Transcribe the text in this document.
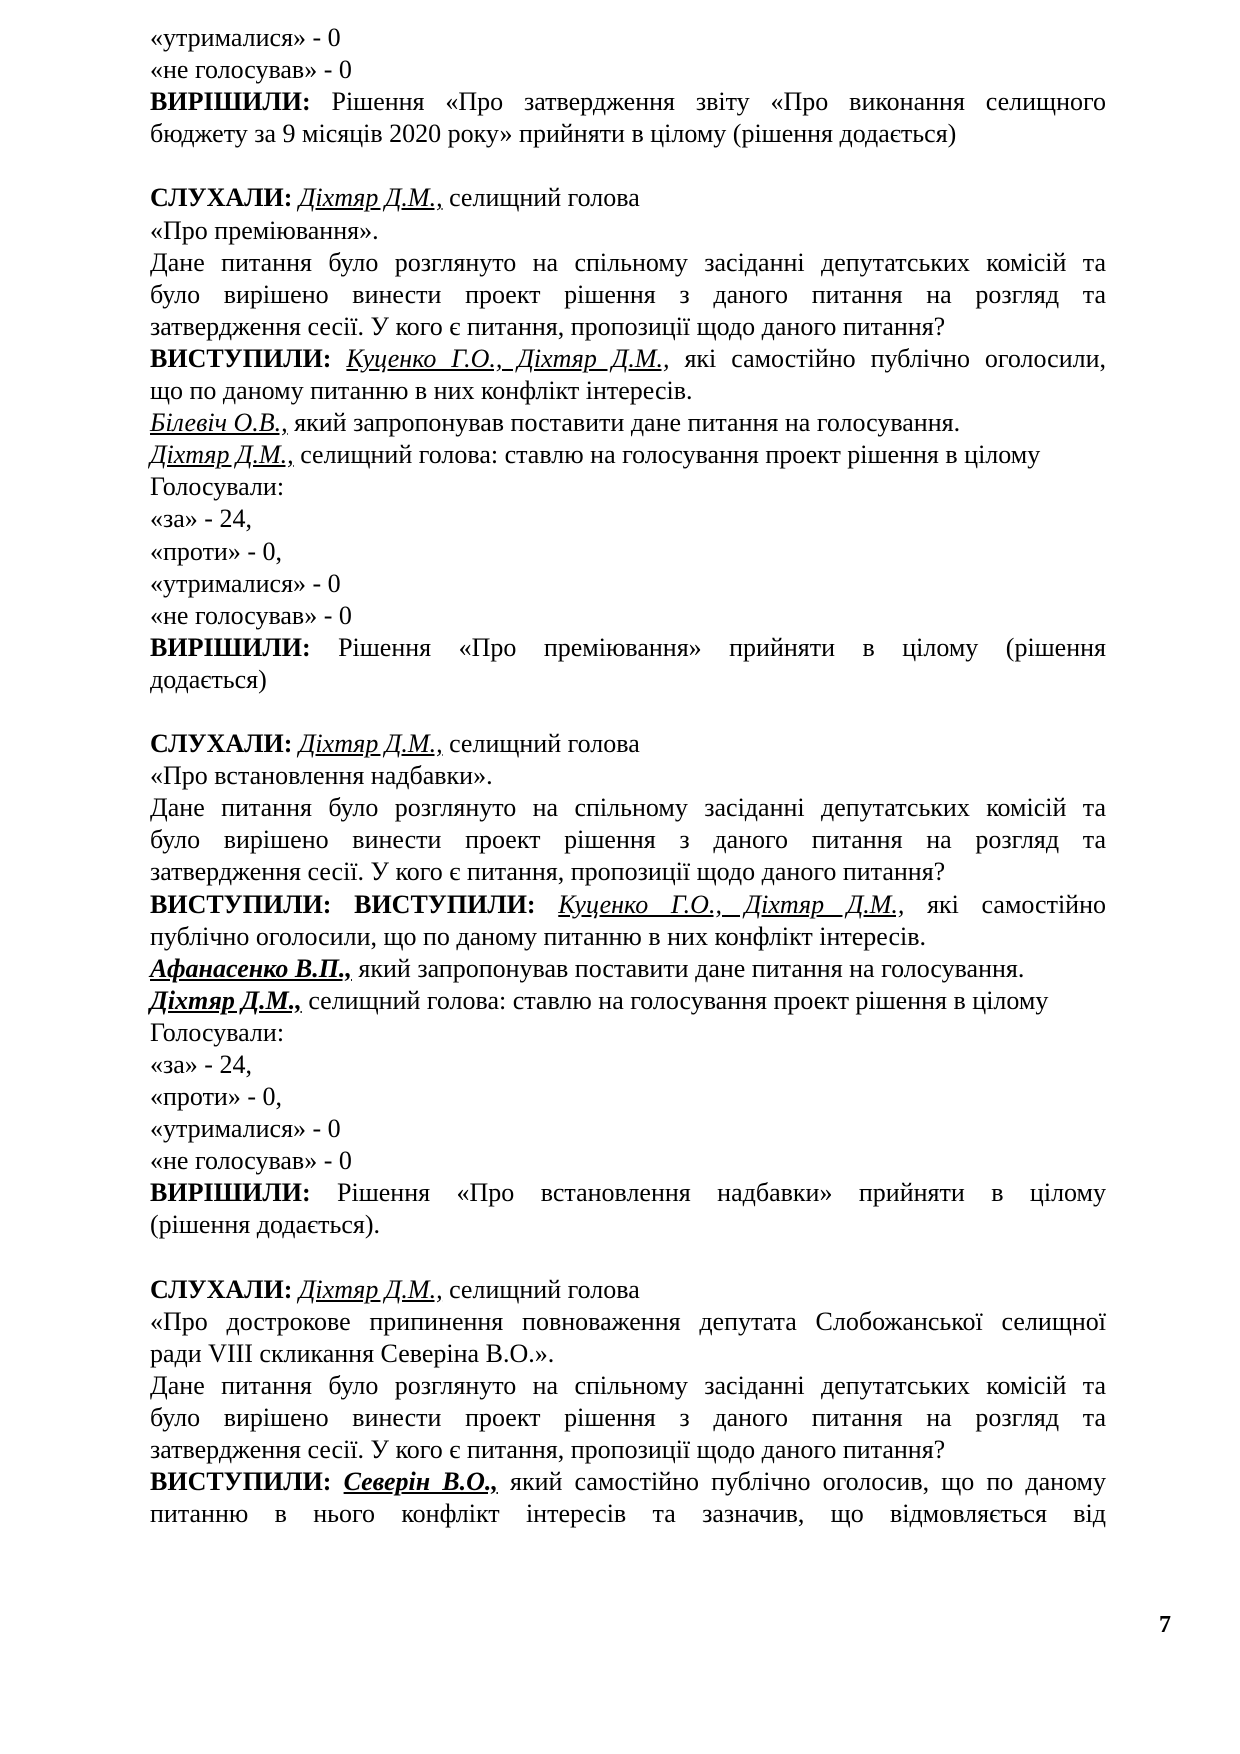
«утрималися» - 0
«не голосував» - 0
ВИРІШИЛИ: Рішення «Про затвердження звіту «Про виконання селищного
бюджету за 9 місяців 2020 року» прийняти в цілому (рішення додається)
СЛУХАЛИ: Діхтяр Д.М., селищний голова
«Про преміювання».
Дане питання було розглянуто на спільному засіданні депутатських комісій та
було вирішено винести проект рішення з даного питання на розгляд та
затвердження сесії. У кого є питання, пропозиції щодо даного питання?
ВИСТУПИЛИ: Куценко Г.О., Діхтяр Д.М., які самостійно публічно оголосили,
що по даному питанню в них конфлікт інтересів.
Білевіч О.В., який запропонував поставити дане питання на голосування.
Діхтяр Д.М., селищний голова: ставлю на голосування проект рішення в цілому
Голосували:
«за» - 24,
«проти» - 0,
«утрималися» - 0
«не голосував» - 0
ВИРІШИЛИ: Рішення «Про преміювання» прийняти в цілому (рішення
додається)
СЛУХАЛИ: Діхтяр Д.М., селищний голова
«Про встановлення надбавки».
Дане питання було розглянуто на спільному засіданні депутатських комісій та
було вирішено винести проект рішення з даного питання на розгляд та
затвердження сесії. У кого є питання, пропозиції щодо даного питання?
ВИСТУПИЛИ: ВИСТУПИЛИ: Куценко Г.О., Діхтяр Д.М., які самостійно
публічно оголосили, що по даному питанню в них конфлікт інтересів.
Афанасенко В.П., який запропонував поставити дане питання на голосування.
Діхтяр Д.М., селищний голова: ставлю на голосування проект рішення в цілому
Голосували:
«за» - 24,
«проти» - 0,
«утрималися» - 0
«не голосував» - 0
ВИРІШИЛИ: Рішення «Про встановлення надбавки» прийняти в цілому
(рішення додається).
СЛУХАЛИ: Діхтяр Д.М., селищний голова
«Про дострокове припинення повноваження депутата Слобожанської селищної
ради VIII скликання Северіна В.О.».
Дане питання було розглянуто на спільному засіданні депутатських комісій та
було вирішено винести проект рішення з даного питання на розгляд та
затвердження сесії. У кого є питання, пропозиції щодо даного питання?
ВИСТУПИЛИ: Северін В.О., який самостійно публічно оголосив, що по даному
питанню в нього конфлікт інтересів та зазначив, що відмовляється від
7
